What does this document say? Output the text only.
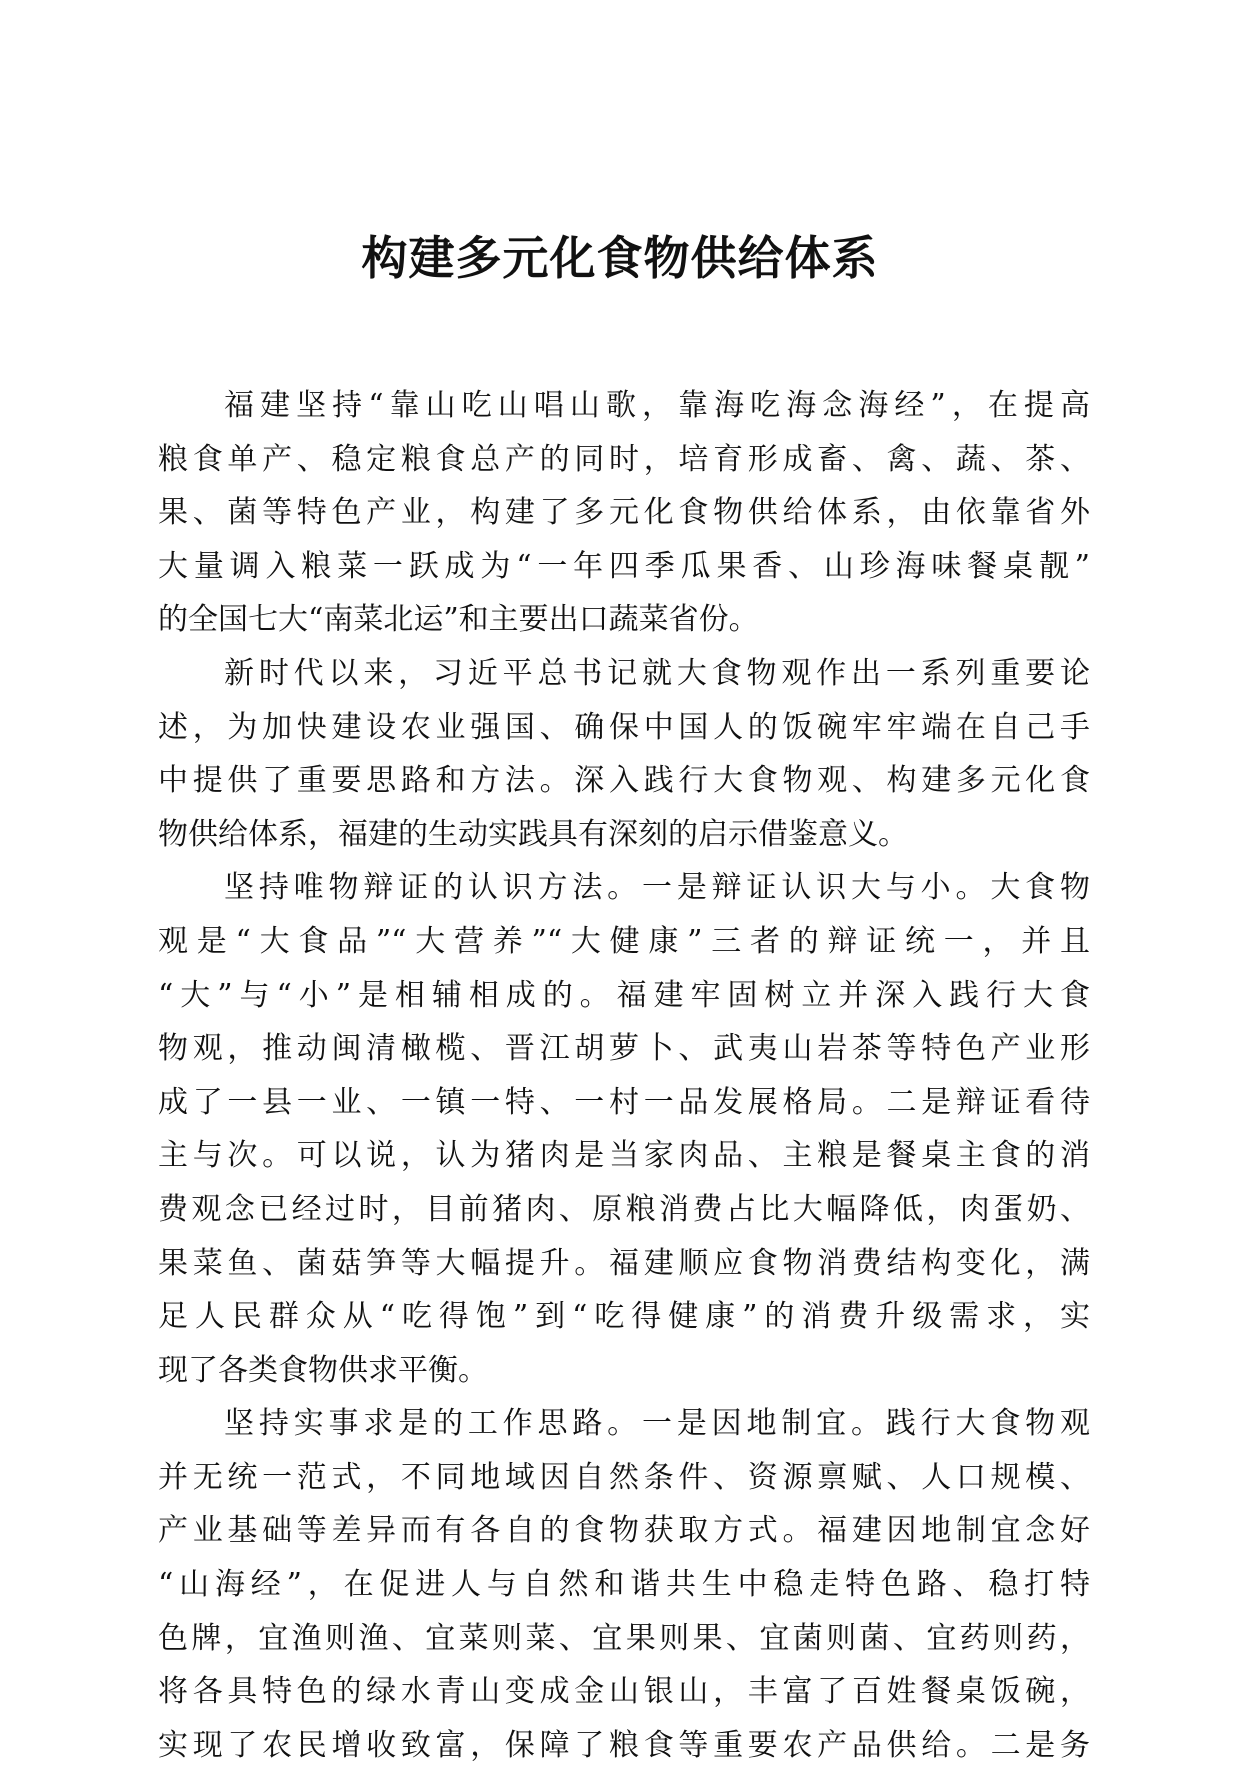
构建多元化食物供给体系
福建坚持“靠山吃山唱山歌，靠海吃海念海经”，在提高
粮食单产、稳定粮食总产的同时，培育形成畜、禽、蔬、茶、
果、菌等特色产业，构建了多元化食物供给体系，由依靠省外
大量调入粮菜一跃成为“一年四季瓜果香、山珍海味餐桌靓”
的全国七大“南菜北运”和主要出口蔬菜省份。
新时代以来，习近平总书记就大食物观作出一系列重要论
述，为加快建设农业强国、确保中国人的饭碗牢牢端在自己手
中提供了重要思路和方法。深入践行大食物观、构建多元化食
物供给体系，福建的生动实践具有深刻的启示借鉴意义。
坚持唯物辩证的认识方法。一是辩证认识大与小。大食物
观是“大食品”“大营养”“大健康”三者的辩证统一，并且
“大”与“小”是相辅相成的。福建牢固树立并深入践行大食
物观，推动闽清橄榄、晋江胡萝卜、武夷山岩茶等特色产业形
成了一县一业、一镇一特、一村一品发展格局。二是辩证看待
主与次。可以说，认为猪肉是当家肉品、主粮是餐桌主食的消
费观念已经过时，目前猪肉、原粮消费占比大幅降低，肉蛋奶、
果菜鱼、菌菇笋等大幅提升。福建顺应食物消费结构变化，满
足人民群众从“吃得饱”到“吃得健康”的消费升级需求，实
现了各类食物供求平衡。
坚持实事求是的工作思路。一是因地制宜。践行大食物观
并无统一范式，不同地域因自然条件、资源禀赋、人口规模、
产业基础等差异而有各自的食物获取方式。福建因地制宜念好
“山海经”，在促进人与自然和谐共生中稳走特色路、稳打特
色牌，宜渔则渔、宜菜则菜、宜果则果、宜菌则菌、宜药则药，
将各具特色的绿水青山变成金山银山，丰富了百姓餐桌饭碗，
实现了农民增收致富，保障了粮食等重要农产品供给。二是务
